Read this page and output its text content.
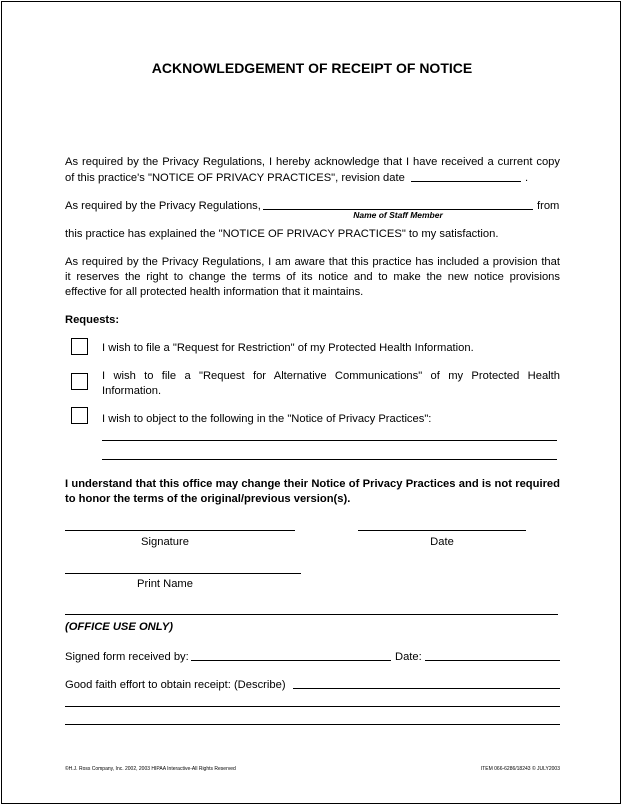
ACKNOWLEDGEMENT OF RECEIPT OF NOTICE
As required by the Privacy Regulations, I hereby acknowledge that I have received a current copy
of this practice's "NOTICE OF PRIVACY PRACTICES", revision date	.
As required by the Privacy Regulations,	from
Name of Staff Member
this practice has explained the "NOTICE OF PRIVACY PRACTICES" to my satisfaction.
As required by the Privacy Regulations, I am aware that this practice has included a provision that
it reserves the right to change the terms of its notice and to make the new notice provisions
effective for all protected health information that it maintains.
Requests:
I wish to file a "Request for Restriction" of my Protected Health Information.
I wish to file a "Request for Alternative Communications" of my Protected Health
Information.
I wish to object to the following in the "Notice of Privacy Practices":
I understand that this office may change their Notice of Privacy Practices and is not required
to honor the terms of the original/previous version(s).
Signature	Date
Print Name
(OFFICE USE ONLY)
Signed form received by:	Date:
Good faith effort to obtain receipt: (Describe)
©H.J. Ross Company, Inc. 2002, 2003 HIPAA Interactive-All Rights Reserved	ITEM 066-6286/18243 © JULY2003
